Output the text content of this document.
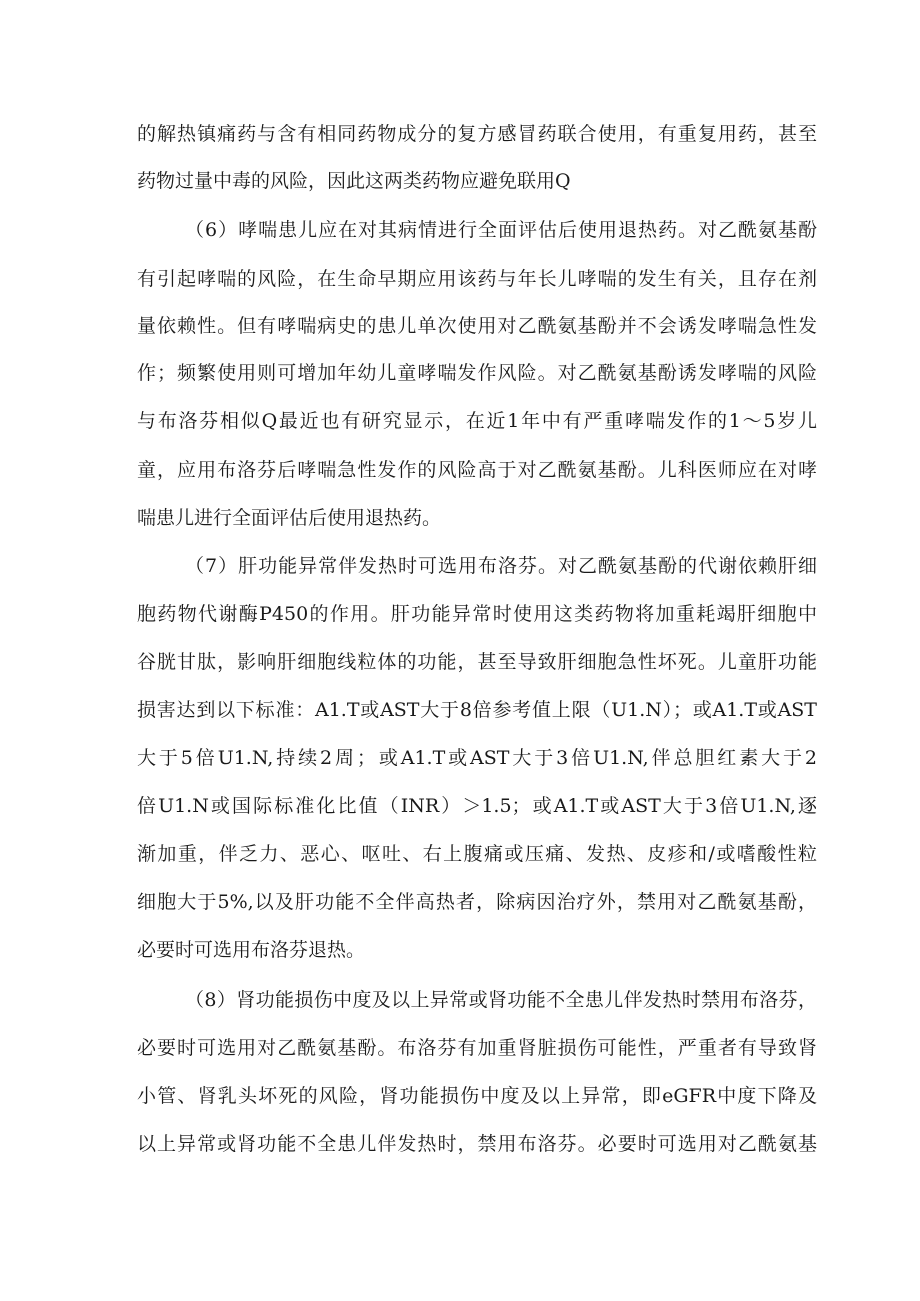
的解热镇痛药与含有相同药物成分的复方感冒药联合使用，有重复用药，甚至
药物过量中毒的风险，因此这两类药物应避免联用Q
（6）哮喘患儿应在对其病情进行全面评估后使用退热药。对乙酰氨基酚
有引起哮喘的风险，在生命早期应用该药与年长儿哮喘的发生有关，且存在剂
量依赖性。但有哮喘病史的患儿单次使用对乙酰氨基酚并不会诱发哮喘急性发
作；频繁使用则可增加年幼儿童哮喘发作风险。对乙酰氨基酚诱发哮喘的风险
与布洛芬相似Q最近也有研究显示，在近1年中有严重哮喘发作的1〜5岁儿
童，应用布洛芬后哮喘急性发作的风险高于对乙酰氨基酚。儿科医师应在对哮
喘患儿进行全面评估后使用退热药。
（7）肝功能异常伴发热时可选用布洛芬。对乙酰氨基酚的代谢依赖肝细
胞药物代谢酶P450的作用。肝功能异常时使用这类药物将加重耗竭肝细胞中
谷胱甘肽，影响肝细胞线粒体的功能，甚至导致肝细胞急性坏死。儿童肝功能
损害达到以下标准：A1.T或AST大于8倍参考值上限（U1.N）；或A1.T或AST
大于5倍U1.N,持续2周；或A1.T或AST大于3倍U1.N,伴总胆红素大于2
倍U1.N或国际标准化比值（INR）＞1.5；或A1.T或AST大于3倍U1.N,逐
渐加重，伴乏力、恶心、呕吐、右上腹痛或压痛、发热、皮疹和/或嗜酸性粒
细胞大于5%,以及肝功能不全伴高热者，除病因治疗外，禁用对乙酰氨基酚，
必要时可选用布洛芬退热。
（8）肾功能损伤中度及以上异常或肾功能不全患儿伴发热时禁用布洛芬，
必要时可选用对乙酰氨基酚。布洛芬有加重肾脏损伤可能性，严重者有导致肾
小管、肾乳头坏死的风险，肾功能损伤中度及以上异常，即eGFR中度下降及
以上异常或肾功能不全患儿伴发热时，禁用布洛芬。必要时可选用对乙酰氨基
